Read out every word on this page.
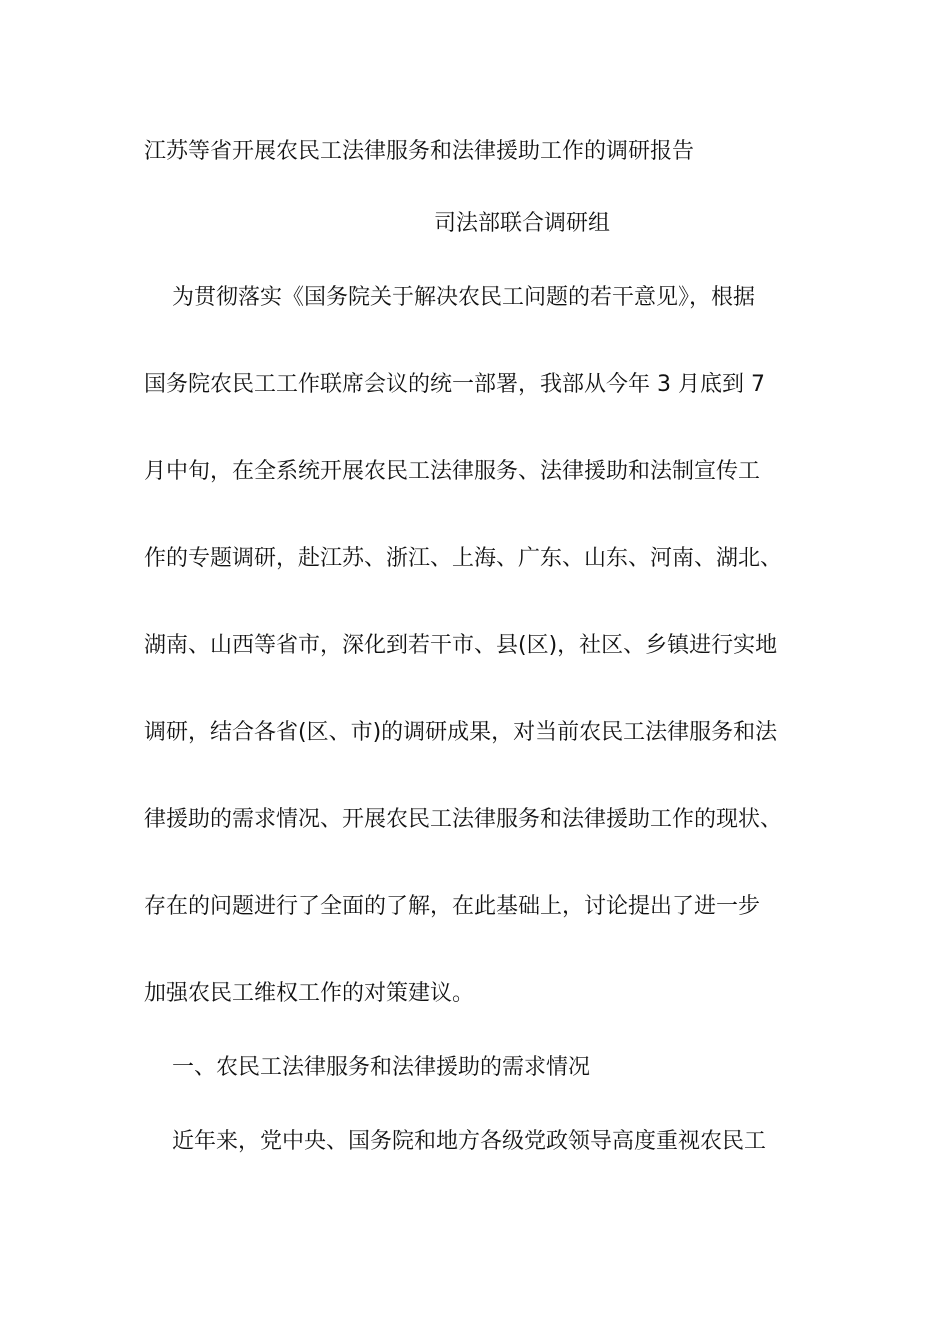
江苏等省开展农民工法律服务和法律援助工作的调研报告
司法部联合调研组
为贯彻落实《国务院关于解决农民工问题的若干意见》，根据
国务院农民工工作联席会议的统一部署，我部从今年 3 月底到 7
月中旬，在全系统开展农民工法律服务、法律援助和法制宣传工
作的专题调研，赴江苏、浙江、上海、广东、山东、河南、湖北、
湖南、山西等省市，深化到若干市、县(区)，社区、乡镇进行实地
调研，结合各省(区、市)的调研成果，对当前农民工法律服务和法
律援助的需求情况、开展农民工法律服务和法律援助工作的现状、
存在的问题进行了全面的了解，在此基础上，讨论提出了进一步
加强农民工维权工作的对策建议。
一、农民工法律服务和法律援助的需求情况
近年来，党中央、国务院和地方各级党政领导高度重视农民工
